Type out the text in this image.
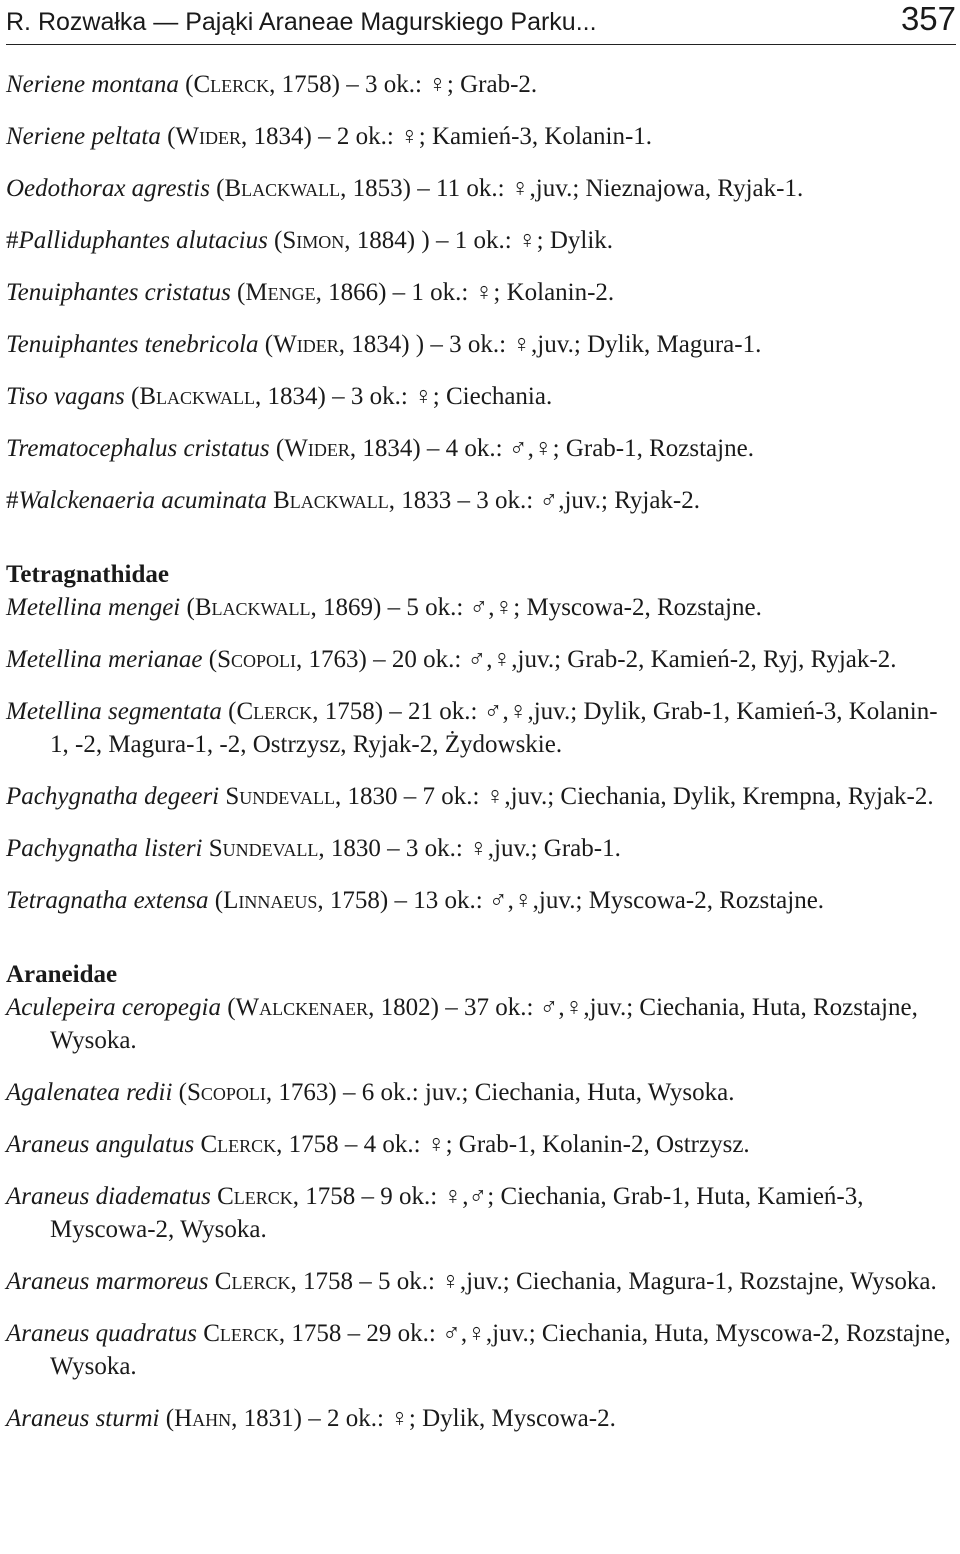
R. Rozwałka — Pająki Araneae Magurskiego Parku...	357

Neriene montana (Clerck, 1758) – 3 ok.: ♀; Grab-2.

Neriene peltata (Wider, 1834) – 2 ok.: ♀; Kamień-3, Kolanin-1.

Oedothorax agrestis (Blackwall, 1853) – 11 ok.: ♀,juv.; Nieznajowa, Ryjak-1.

#Palliduphantes alutacius (Simon, 1884) ) – 1 ok.: ♀; Dylik.

Tenuiphantes cristatus (Menge, 1866) – 1 ok.: ♀; Kolanin-2.

Tenuiphantes tenebricola (Wider, 1834) ) – 3 ok.: ♀,juv.; Dylik, Magura-1.

Tiso vagans (Blackwall, 1834) – 3 ok.: ♀; Ciechania.

Trematocephalus cristatus (Wider, 1834) – 4 ok.: ♂,♀; Grab-1, Rozstajne.

#Walckenaeria acuminata Blackwall, 1833 – 3 ok.: ♂,juv.; Ryjak-2.

Tetragnathidae

Metellina mengei (Blackwall, 1869) – 5 ok.: ♂,♀; Myscowa-2, Rozstajne.

Metellina merianae (Scopoli, 1763) – 20 ok.: ♂,♀,juv.; Grab-2, Kamień-2, Ryj, Ryjak-2.

Metellina segmentata (Clerck, 1758) – 21 ok.: ♂,♀,juv.; Dylik, Grab-1, Kamień-3, Kolanin-1, -2, Magura-1, -2, Ostrzysz, Ryjak-2, Żydowskie.

Pachygnatha degeeri Sundevall, 1830 – 7 ok.: ♀,juv.; Ciechania, Dylik, Krempna, Ryjak-2.

Pachygnatha listeri Sundevall, 1830 – 3 ok.: ♀,juv.; Grab-1.

Tetragnatha extensa (Linnaeus, 1758) – 13 ok.: ♂,♀,juv.; Myscowa-2, Rozstajne.

Araneidae

Aculepeira ceropegia (Walckenaer, 1802) – 37 ok.: ♂,♀,juv.; Ciechania, Huta, Rozstajne, Wysoka.

Agalenatea redii (Scopoli, 1763) – 6 ok.: juv.; Ciechania, Huta, Wysoka.

Araneus angulatus Clerck, 1758 – 4 ok.: ♀; Grab-1, Kolanin-2, Ostrzysz.

Araneus diadematus Clerck, 1758 – 9 ok.: ♀,♂; Ciechania, Grab-1, Huta, Kamień-3, Myscowa-2, Wysoka.

Araneus marmoreus Clerck, 1758 – 5 ok.: ♀,juv.; Ciechania, Magura-1, Rozstajne, Wysoka.

Araneus quadratus Clerck, 1758 – 29 ok.: ♂,♀,juv.; Ciechania, Huta, Myscowa-2, Rozstajne, Wysoka.

Araneus sturmi (Hahn, 1831) – 2 ok.: ♀; Dylik, Myscowa-2.
